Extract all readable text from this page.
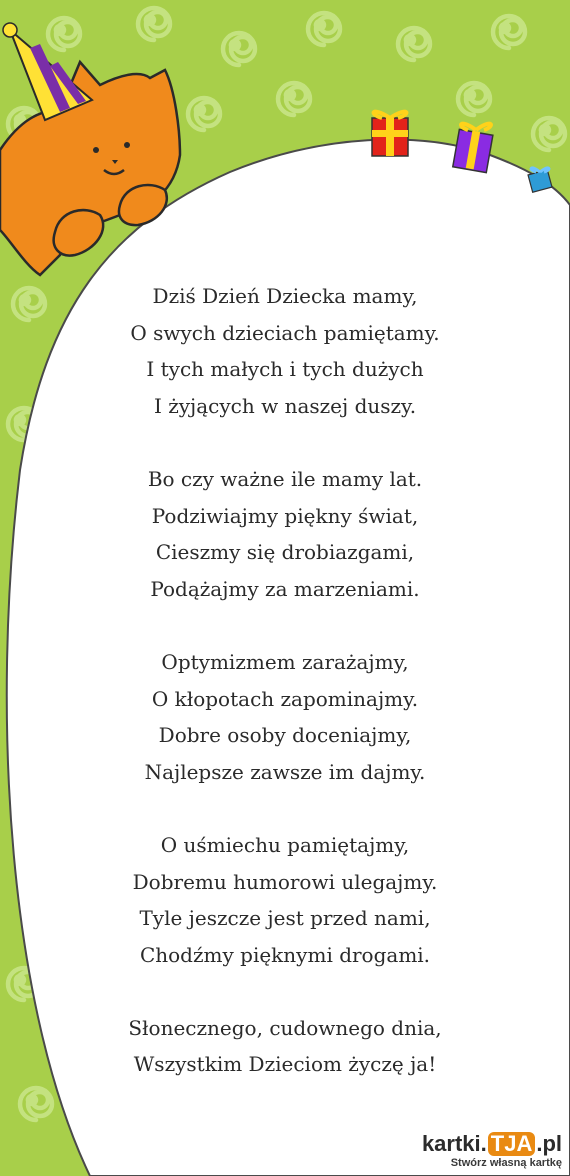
Dziś Dzień Dziecka mamy,
O swych dzieciach pamiętamy.
I tych małych i tych dużych
I żyjących w naszej duszy.
Bo czy ważne ile mamy lat.
Podziwiajmy piękny świat,
Cieszmy się drobiazgami,
Podążajmy za marzeniami.
Optymizmem zarażajmy,
O kłopotach zapominajmy.
Dobre osoby doceniajmy,
Najlepsze zawsze im dajmy.
O uśmiechu pamiętajmy,
Dobremu humorowi ulegajmy.
Tyle jeszcze jest przed nami,
Chodźmy pięknymi drogami.
Słonecznego, cudownego dnia,
Wszystkim Dzieciom życzę ja!
kartki. TJA .pl
Stwórz własną kartkę
